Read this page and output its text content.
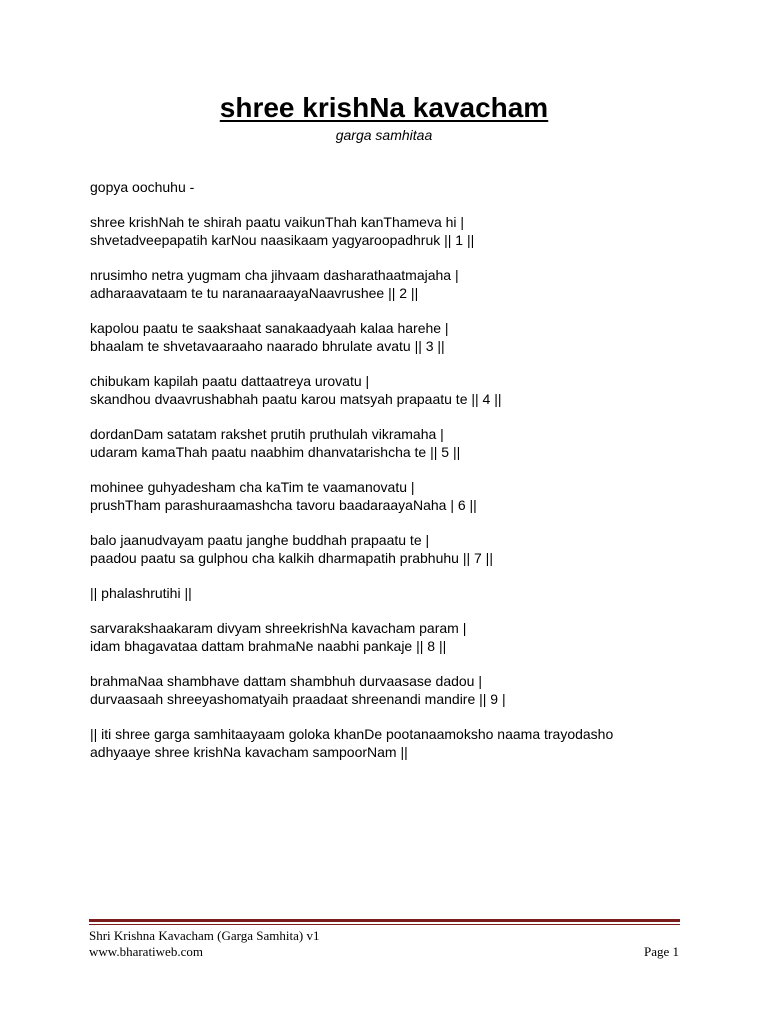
shree krishNa kavacham
garga samhitaa

gopya oochuhu -

shree krishNah te shirah paatu vaikunThah kanThameva hi |
shvetadveepapatih karNou naasikaam yagyaroopadhruk || 1 ||

nrusimho netra yugmam cha jihvaam dasharathaatmajaha |
adharaavataam te tu naranaaraayaNaavrushee || 2 ||

kapolou paatu te saakshaat sanakaadyaah kalaa harehe |
bhaalam te shvetavaaraaho naarado bhrulate avatu || 3 ||

chibukam kapilah paatu dattaatreya urovatu |
skandhou dvaavrushabhah paatu karou matsyah prapaatu te || 4 ||

dordanDam satatam rakshet prutih pruthulah vikramaha |
udaram kamaThah paatu naabhim dhanvatarishcha te || 5 ||

mohinee guhyadesham cha kaTim te vaamanovatu |
prushTham parashuraamashcha tavoru baadaraayaNaha | 6 ||

balo jaanudvayam paatu janghe buddhah prapaatu te |
paadou paatu sa gulphou cha kalkih dharmapatih prabhuhu || 7 ||

|| phalashrutihi ||

sarvarakshaakaram divyam shreekrishNa kavacham param |
idam bhagavataa dattam brahmaNe naabhi pankaje || 8 ||

brahmaNaa shambhave dattam shambhuh durvaasase dadou |
durvaasaah shreeyashomatyaih praadaat shreenandi mandire || 9 |

|| iti shree garga samhitaayaam goloka khanDe pootanaamoksho naama trayodasho
adhyaaye shree krishNa kavacham sampoorNam ||

Shri Krishna Kavacham (Garga Samhita) v1
www.bharatiweb.com	Page 1
